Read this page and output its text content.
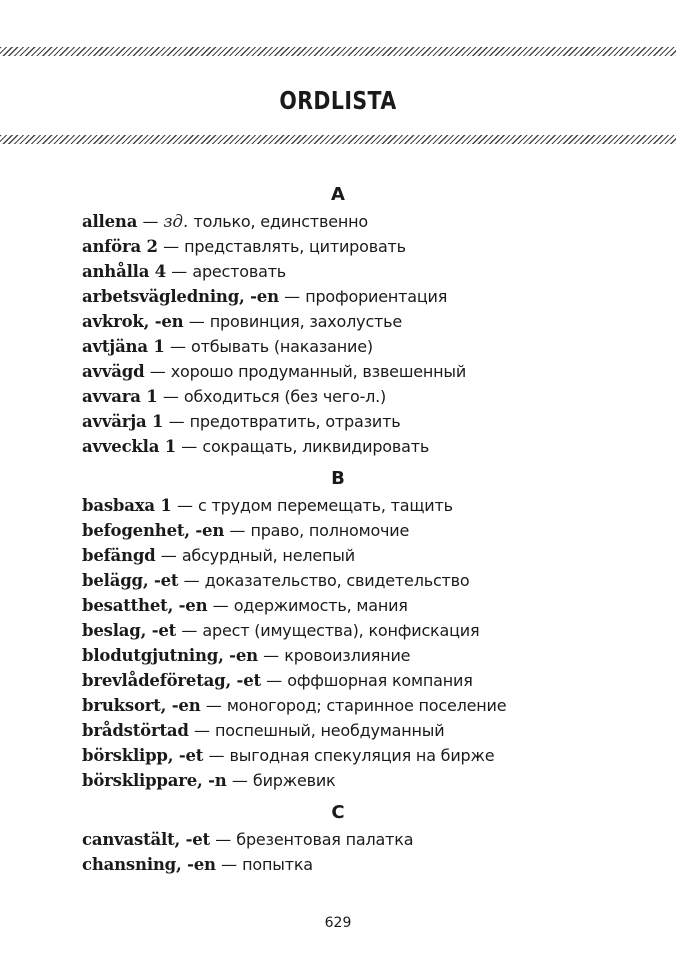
ORDLISTA
A
allena — зд. только, единственно
anföra 2 — представлять, цитировать
anhålla 4 — арестовать
arbetsvägledning, -en — профориентация
avkrok, -en — провинция, захолустье
avtjäna 1 — отбывать (наказание)
avvägd — хорошо продуманный, взвешенный
avvara 1 — обходиться (без чего-л.)
avvärja 1 — предотвратить, отразить
avveckla 1 — сокращать, ликвидировать
B
basbaxa 1 — с трудом перемещать, тащить
befogenhet, -en — право, полномочие
befängd — абсурдный, нелепый
belägg, -et — доказательство, свидетельство
besatthet, -en — одержимость, мания
beslag, -et — арест (имущества), конфискация
blodutgjutning, -en — кровоизлияние
brevlådeföretag, -et — оффшорная компания
bruksort, -en — моногород; старинное поселение
brådstörtad — поспешный, необдуманный
börsklipp, -et — выгодная спекуляция на бирже
börsklippare, -n — биржевик
C
canvastält, -et — брезентовая палатка
chansning, -en — попытка
629
